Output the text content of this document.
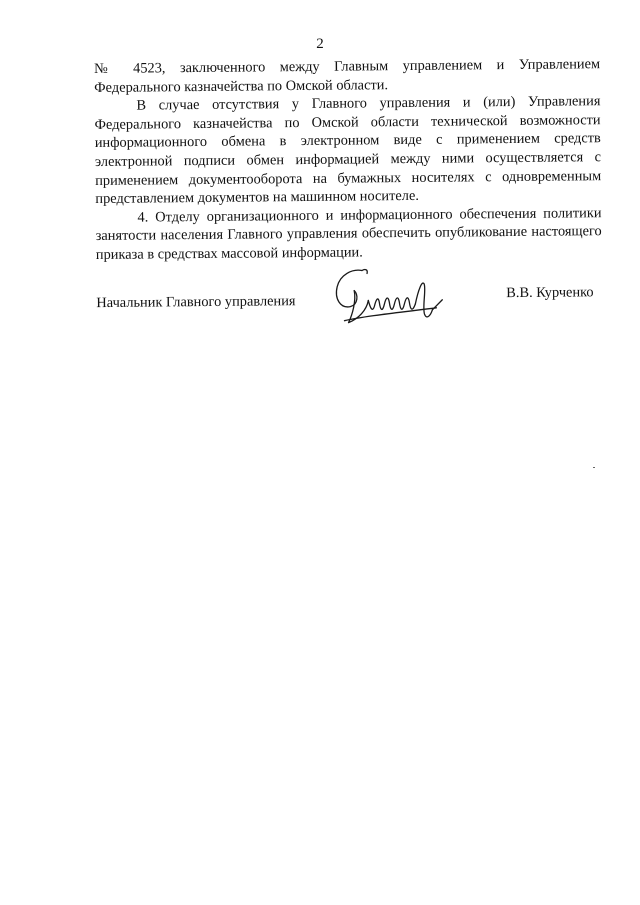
2

№ 4523, заключенного между Главным управлением и Управлением Федерального казначейства по Омской области.

В случае отсутствия у Главного управления и (или) Управления Федерального казначейства по Омской области технической возможности информационного обмена в электронном виде с применением средств электронной подписи обмен информацией между ними осуществляется с применением документооборота на бумажных носителях с одновременным представлением документов на машинном носителе.

4. Отделу организационного и информационного обеспечения политики занятости населения Главного управления обеспечить опубликование настоящего приказа в средствах массовой информации.

Начальник Главного управления
В.В. Курченко
